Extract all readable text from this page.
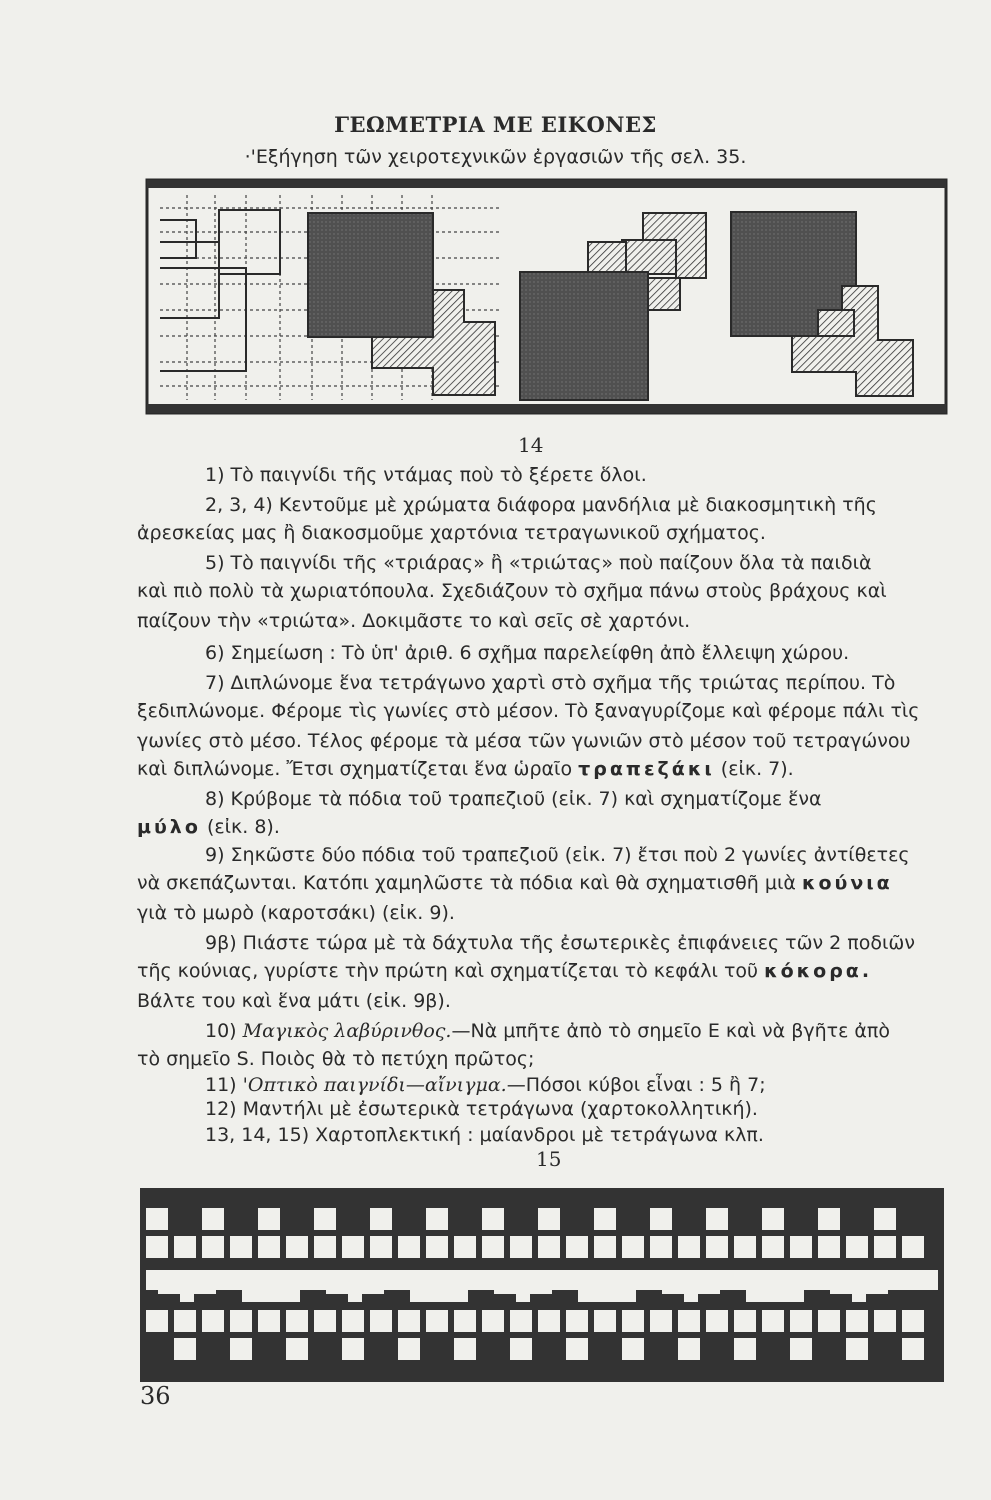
ΓΕΩΜΕΤΡΙΑ ΜΕ ΕΙΚΟΝΕΣ
·'Εξήγηση τῶν χειροτεχνικῶν ἐργασιῶν τῆς σελ. 35.
14
1) Τὸ παιγνίδι τῆς ντάμας ποὺ τὸ ξέρετε ὅλοι.
2, 3, 4) Κεντοῦμε μὲ χρώματα διάφορα μανδήλια μὲ διακοσμητικὴ τῆς
ἀρεσκείας μας ἢ διακοσμοῦμε χαρτόνια τετραγωνικοῦ σχήματος.
5) Τὸ παιγνίδι τῆς «τριάρας» ἢ «τριώτας» ποὺ παίζουν ὅλα τὰ παιδιὰ
καὶ πιὸ πολὺ τὰ χωριατόπουλα. Σχεδιάζουν τὸ σχῆμα πάνω στοὺς βράχους καὶ
παίζουν τὴν «τριώτα». Δοκιμᾶστε το καὶ σεῖς σὲ χαρτόνι.
6) Σημείωση : Τὸ ὑπ' ἀριθ. 6 σχῆμα παρελείφθη ἀπὸ ἔλλειψη χώρου.
7) Διπλώνομε ἕνα τετράγωνο χαρτὶ στὸ σχῆμα τῆς τριώτας περίπου. Τὸ
ξεδιπλώνομε. Φέρομε τὶς γωνίες στὸ μέσον. Τὸ ξαναγυρίζομε καὶ φέρομε πάλι τὶς
γωνίες στὸ μέσο. Τέλος φέρομε τὰ μέσα τῶν γωνιῶν στὸ μέσον τοῦ τετραγώνου
καὶ διπλώνομε. Ἔτσι σχηματίζεται ἕνα ὡραῖο τραπεζάκι (εἰκ. 7).
8) Κρύβομε τὰ πόδια τοῦ τραπεζιοῦ (εἰκ. 7) καὶ σχηματίζομε ἕνα
μύλο (εἰκ. 8).
9) Σηκῶστε δύο πόδια τοῦ τραπεζιοῦ (εἰκ. 7) ἔτσι ποὺ 2 γωνίες ἀντίθετες
νὰ σκεπάζωνται. Κατόπι χαμηλῶστε τὰ πόδια καὶ θὰ σχηματισθῆ μιὰ κούνια
γιὰ τὸ μωρὸ (καροτσάκι) (εἰκ. 9).
9β) Πιάστε τώρα μὲ τὰ δάχτυλα τῆς ἐσωτερικὲς ἐπιφάνειες τῶν 2 ποδιῶν
τῆς κούνιας, γυρίστε τὴν πρώτη καὶ σχηματίζεται τὸ κεφάλι τοῦ κόκορα.
Βάλτε του καὶ ἕνα μάτι (εἰκ. 9β).
10) Μαγικὸς λαβύρινθος.—Νὰ μπῆτε ἀπὸ τὸ σημεῖο Ε καὶ νὰ βγῆτε ἀπὸ
τὸ σημεῖο S. Ποιὸς θὰ τὸ πετύχη πρῶτος;
11) 'Οπτικὸ παιγνίδι—αἴνιγμα.—Πόσοι κύβοι εἶναι : 5 ἢ 7;
12) Μαντήλι μὲ ἐσωτερικὰ τετράγωνα (χαρτοκολλητική).
13, 14, 15) Χαρτοπλεκτική : μαίανδροι μὲ τετράγωνα κλπ.
15
36
